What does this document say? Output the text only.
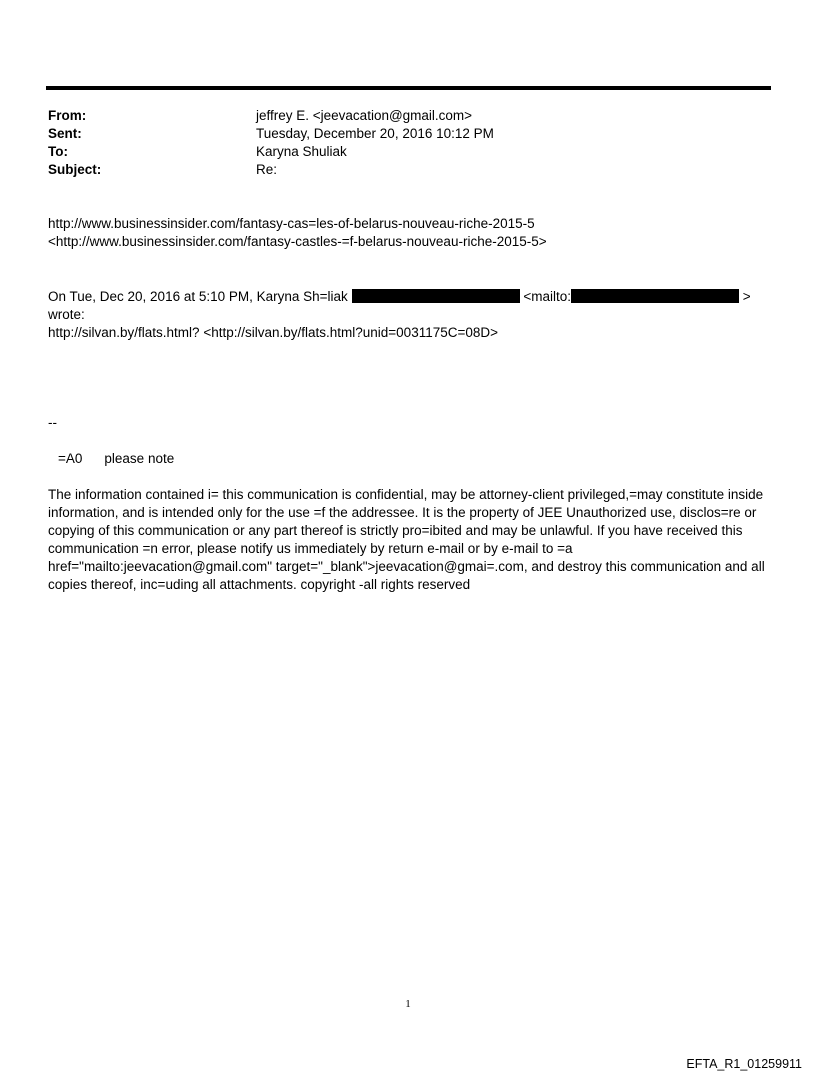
From:	jeffrey E. <jeevacation@gmail.com>
Sent:	Tuesday, December 20, 2016 10:12 PM
To:	Karyna Shuliak
Subject:	Re:
http://www.businessinsider.com/fantasy-cas=les-of-belarus-nouveau-riche-2015-5
<http://www.businessinsider.com/fantasy-castles-=f-belarus-nouveau-riche-2015-5>
On Tue, Dec 20, 2016 at 5:10 PM, Karyna Sh=liak	<mailto:	>
wrote:
http://silvan.by/flats.html? <http://silvan.by/flats.html?unid=0031175C=08D>
--
=A0 please note
The information contained i= this communication is confidential, may be attorney-client privileged,=may constitute inside information, and is intended only for the use =f the addressee. It is the property of JEE Unauthorized use, disclos=re or copying of this communication or any part thereof is strictly pro=ibited and may be unlawful. If you have received this communication =n error, please notify us immediately by return e-mail or by e-mail to =a href="mailto:jeevacation@gmail.com" target="_blank">jeevacation@gmai=.com, and destroy this communication and all copies thereof, inc=uding all attachments. copyright -all rights reserved
1
EFTA_R1_01259911
